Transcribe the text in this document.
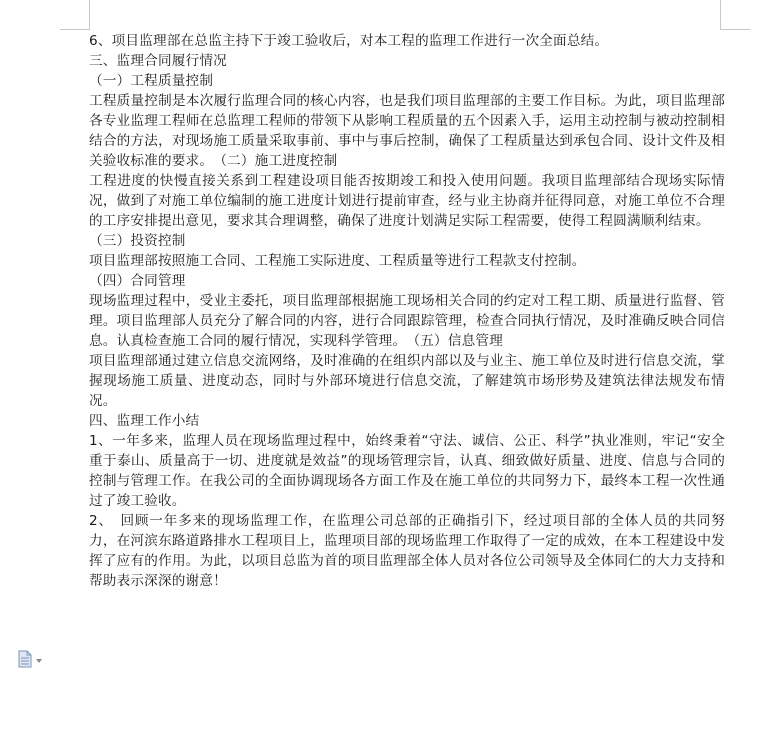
6、项目监理部在总监主持下于竣工验收后，对本工程的监理工作进行一次全面总结。

三、监理合同履行情况

（一）工程质量控制

工程质量控制是本次履行监理合同的核心内容，也是我们项目监理部的主要工作目标。为此，项目监理部各专业监理工程师在总监理工程师的带领下从影响工程质量的五个因素入手，运用主动控制与被动控制相结合的方法，对现场施工质量采取事前、事中与事后控制，确保了工程质量达到承包合同、设计文件及相关验收标准的要求。　（二）施工进度控制

工程进度的快慢直接关系到工程建设项目能否按期竣工和投入使用问题。我项目监理部结合现场实际情况，做到了对施工单位编制的施工进度计划进行提前审查，经与业主协商并征得同意，对施工单位不合理的工序安排提出意见，要求其合理调整，确保了进度计划满足实际工程需要，使得工程圆满顺利结束。

（三）投资控制

项目监理部按照施工合同、工程施工实际进度、工程质量等进行工程款支付控制。

（四）合同管理

现场监理过程中，受业主委托，项目监理部根据施工现场相关合同的约定对工程工期、质量进行监督、管理。项目监理部人员充分了解合同的内容，进行合同跟踪管理，检查合同执行情况，及时准确反映合同信息。认真检查施工合同的履行情况，实现科学管理。　（五）信息管理

项目监理部通过建立信息交流网络，及时准确的在组织内部以及与业主、施工单位及时进行信息交流，掌握现场施工质量、进度动态，同时与外部环境进行信息交流，了解建筑市场形势及建筑法律法规发布情况。

四、监理工作小结

1、一年多来，监理人员在现场监理过程中，始终秉着“守法、诚信、公正、科学”执业准则，牢记“安全重于泰山、质量高于一切、进度就是效益”的现场管理宗旨，认真、细致做好质量、进度、信息与合同的控制与管理工作。在我公司的全面协调现场各方面工作及在施工单位的共同努力下，最终本工程一次性通过了竣工验收。

2、　回顾一年多来的现场监理工作，在监理公司总部的正确指引下，经过项目部的全体人员的共同努力，在河滨东路道路排水工程项目上，监理项目部的现场监理工作取得了一定的成效，在本工程建设中发挥了应有的作用。为此，以项目总监为首的项目监理部全体人员对各位公司领导及全体同仁的大力支持和帮助表示深深的谢意！
